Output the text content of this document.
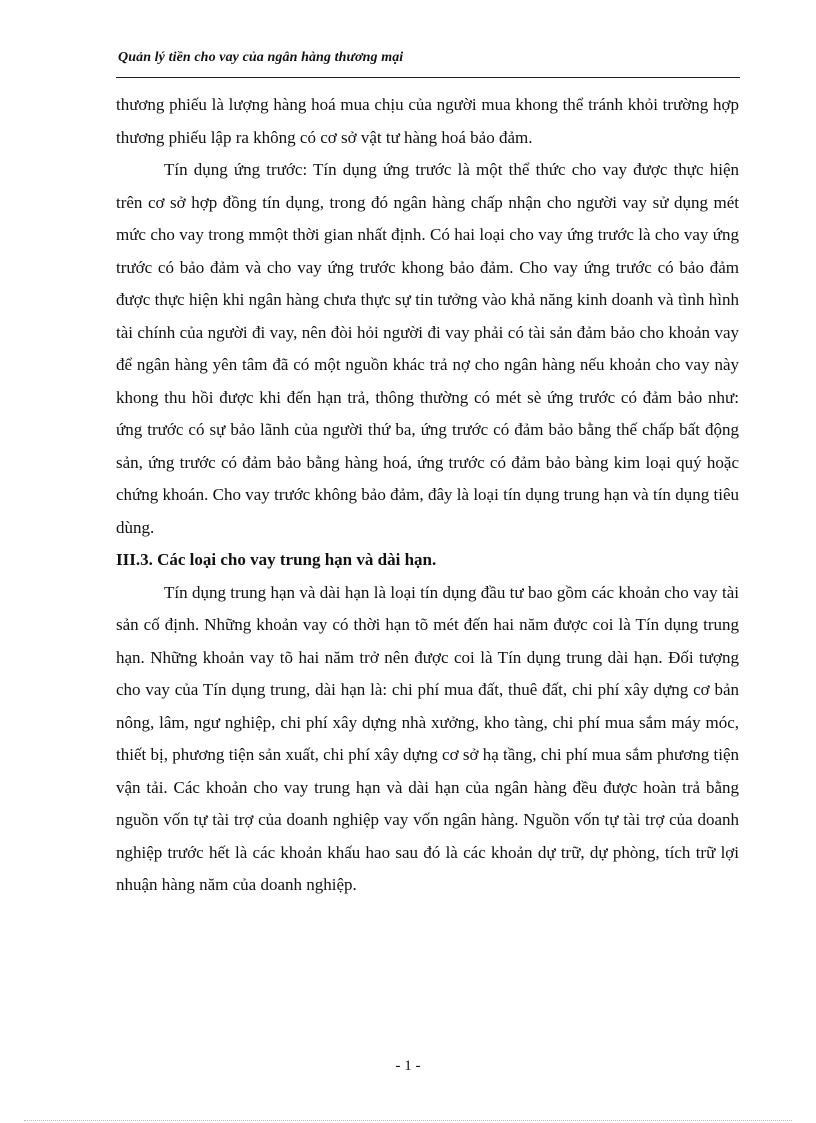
Quản lý tiền cho vay của ngân hàng thương mại

thương phiếu là lượng hàng hoá mua chịu của người mua khong thể tránh khỏi trường hợp thương phiếu lập ra không có cơ sở vật tư hàng hoá bảo đảm.

Tín dụng ứng trước: Tín dụng ứng trước là một thể thức cho vay được thực hiện trên cơ sở hợp đồng tín dụng, trong đó ngân hàng chấp nhận cho người vay sử dụng mét mức cho vay trong mmột thời gian nhất định. Có hai loại cho vay ứng trước là cho vay ứng trước có bảo đảm và cho vay ứng trước khong bảo đảm. Cho vay ứng trước có bảo đảm được thực hiện khi ngân hàng chưa thực sự tin tưởng vào khả năng kinh doanh và tình hình tài chính của người đi vay, nên đòi hỏi người đi vay phải có tài sản đảm bảo cho khoản vay để ngân hàng yên tâm đã có một nguồn khác trả nợ cho ngân hàng nếu khoản cho vay này khong thu hồi được khi đến hạn trả, thông thường có mét sè ứng trước có đảm bảo như: ứng trước có sự bảo lãnh của người thứ ba, ứng trước có đảm bảo bằng thế chấp bất động sản, ứng trước có đảm bảo bằng hàng hoá, ứng trước có đảm bảo bàng kim loại quý hoặc chứng khoán. Cho vay trước không bảo đảm, đây là loại tín dụng trung hạn và tín dụng tiêu dùng.

III.3. Các loại cho vay trung hạn và dài hạn.

Tín dụng trung hạn và dài hạn là loại tín dụng đầu tư bao gồm các khoản cho vay tài sản cố định. Những khoản vay có thời hạn tõ mét đến hai năm được coi là Tín dụng trung hạn. Những khoản vay tõ hai năm trở nên được coi là Tín dụng trung dài hạn. Đối tượng cho vay của Tín dụng trung, dài hạn là: chi phí mua đất, thuê đất, chi phí xây dựng cơ bản nông, lâm, ngư nghiệp, chi phí xây dựng nhà xưởng, kho tàng, chi phí mua sắm máy móc, thiết bị, phương tiện sản xuất, chi phí xây dựng cơ sở hạ tầng, chi phí mua sắm phương tiện vận tải. Các khoản cho vay trung hạn và dài hạn của ngân hàng đều được hoàn trả bằng nguồn vốn tự tài trợ của doanh nghiệp vay vốn ngân hàng. Nguồn vốn tự tài trợ của doanh nghiệp trước hết là các khoản khấu hao sau đó là các khoản dự trữ, dự phòng, tích trữ lợi nhuận hàng năm của doanh nghiệp.

- 1 -
